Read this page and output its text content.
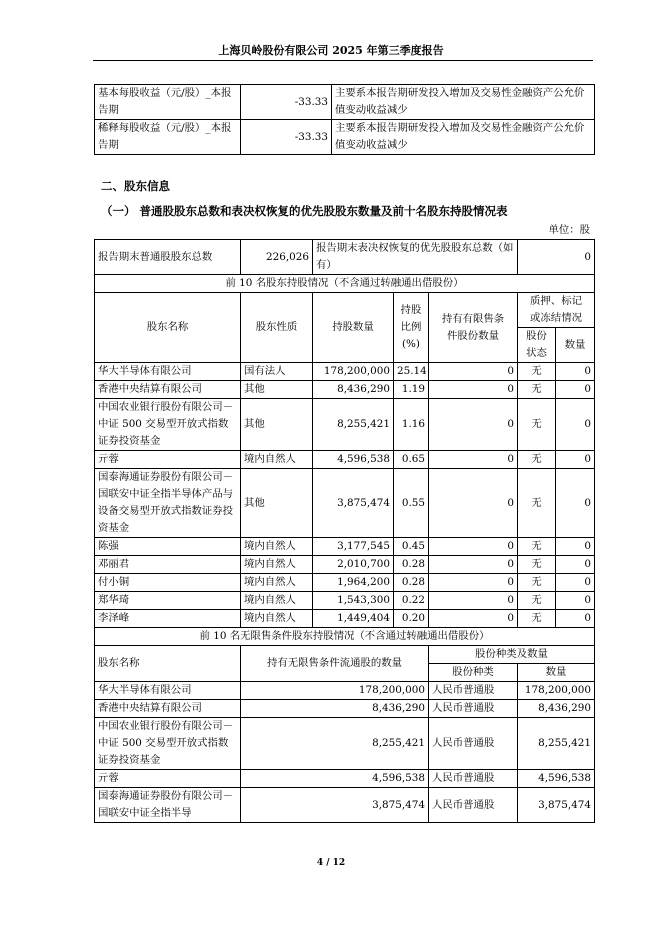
上海贝岭股份有限公司 2025 年第三季度报告
基本每股收益（元/股）_本报告期	-33.33	主要系本报告期研发投入增加及交易性金融资产公允价值变动收益减少
稀释每股收益（元/股）_本报告期	-33.33	主要系本报告期研发投入增加及交易性金融资产公允价值变动收益减少
二、股东信息
（一） 普通股股东总数和表决权恢复的优先股股东数量及前十名股东持股情况表
单位：股
报告期末普通股股东总数	226,026	报告期末表决权恢复的优先股股东总数（如有）			0	
前 10 名股东持股情况（不含通过转融通出借股份）						
股东名称	股东性质	持股数量	持股比例(%)	持有有限售条件股份数量	质押、标记或冻结情况	
					股份状态	数量
华大半导体有限公司	国有法人	178,200,000	25.14	0	无	0
香港中央结算有限公司	其他	8,436,290	1.19	0	无	0
中国农业银行股份有限公司－中证 500 交易型开放式指数证券投资基金	其他	8,255,421	1.16	0	无	0
亓蓉	境内自然人	4,596,538	0.65	0	无	0
国泰海通证券股份有限公司－国联安中证全指半导体产品与设备交易型开放式指数证券投资基金	其他	3,875,474	0.55	0	无	0
陈强	境内自然人	3,177,545	0.45	0	无	0
邓丽君	境内自然人	2,010,700	0.28	0	无	0
付小铜	境内自然人	1,964,200	0.28	0	无	0
郑华琦	境内自然人	1,543,300	0.22	0	无	0
李泽峰	境内自然人	1,449,404	0.20	0	无	0
前 10 名无限售条件股东持股情况（不含通过转融通出借股份）						
股东名称	持有无限售条件流通股的数量			股份种类及数量		
				股份种类	数量	
华大半导体有限公司	178,200,000			人民币普通股	178,200,000	
香港中央结算有限公司	8,436,290			人民币普通股	8,436,290	
中国农业银行股份有限公司－中证 500 交易型开放式指数证券投资基金	8,255,421			人民币普通股	8,255,421	
亓蓉	4,596,538			人民币普通股	4,596,538	
国泰海通证券股份有限公司－国联安中证全指半导	3,875,474			人民币普通股	3,875,474	
4 / 12
